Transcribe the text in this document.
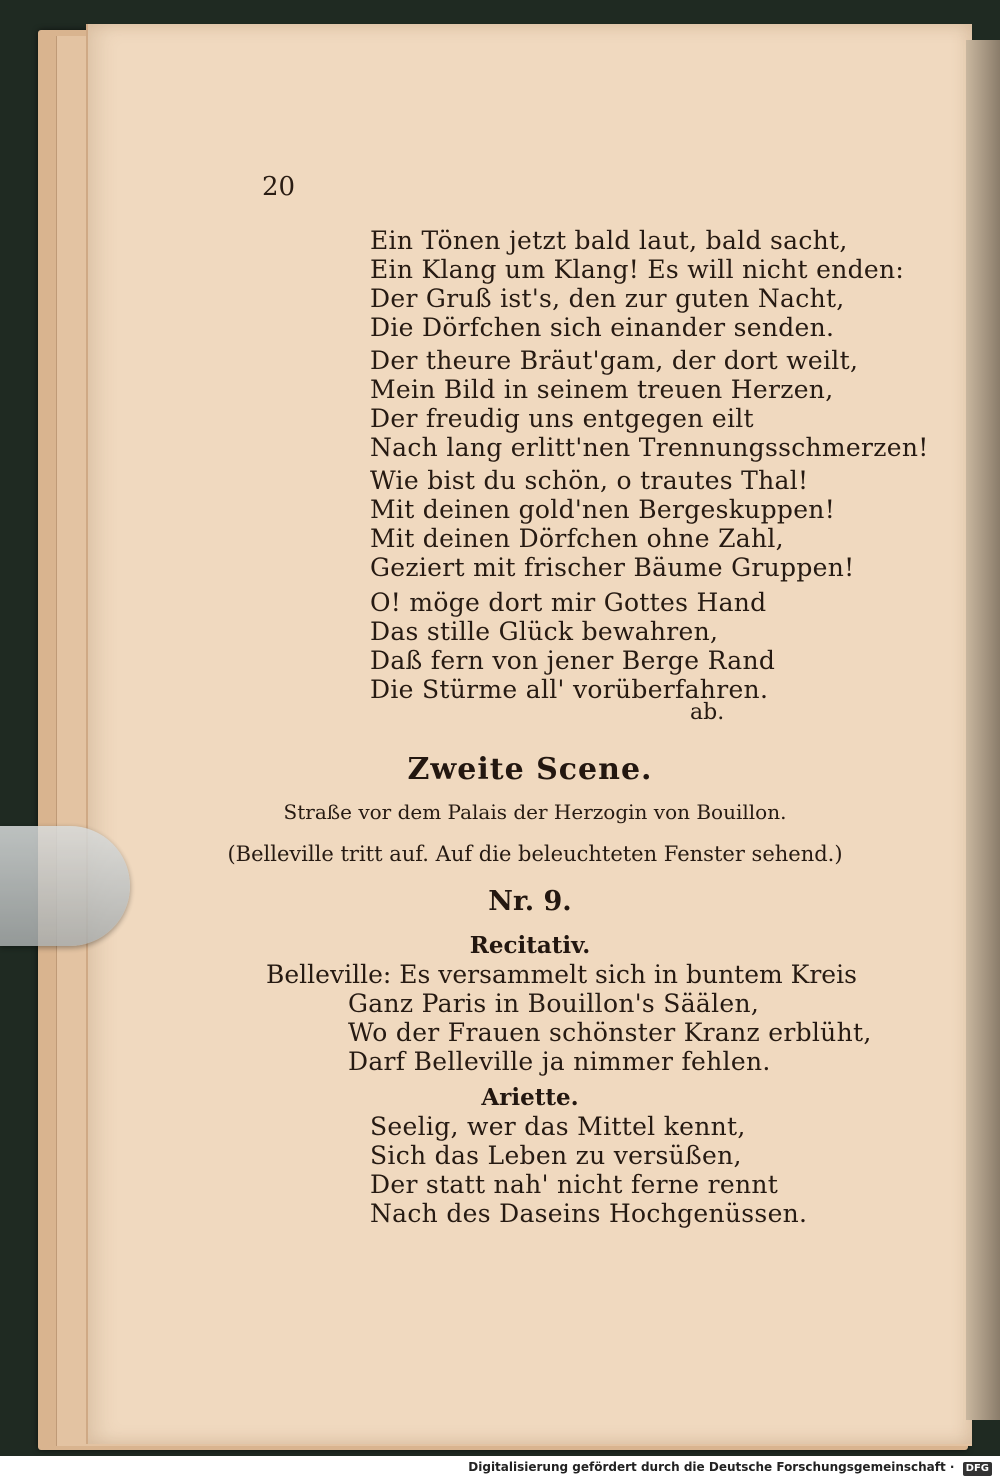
20
Ein Tönen jetzt bald laut, bald sacht,
Ein Klang um Klang! Es will nicht enden:
Der Gruß ist's, den zur guten Nacht,
Die Dörfchen sich einander senden.
Der theure Bräut'gam, der dort weilt,
Mein Bild in seinem treuen Herzen,
Der freudig uns entgegen eilt
Nach lang erlitt'nen Trennungsschmerzen!
Wie bist du schön, o trautes Thal!
Mit deinen gold'nen Bergeskuppen!
Mit deinen Dörfchen ohne Zahl,
Geziert mit frischer Bäume Gruppen!
O! möge dort mir Gottes Hand
Das stille Glück bewahren,
Daß fern von jener Berge Rand
Die Stürme all' vorüberfahren.
ab.
Zweite Scene.
Straße vor dem Palais der Herzogin von Bouillon.
(Belleville tritt auf. Auf die beleuchteten Fenster sehend.)
Nr. 9.
Recitativ.
Belleville: Es versammelt sich in buntem Kreis
Ganz Paris in Bouillon's Säälen,
Wo der Frauen schönster Kranz erblüht,
Darf Belleville ja nimmer fehlen.
Ariette.
Seelig, wer das Mittel kennt,
Sich das Leben zu versüßen,
Der statt nah' nicht ferne rennt
Nach des Daseins Hochgenüssen.
Digitalisierung gefördert durch die Deutsche Forschungsgemeinschaft · DFG
